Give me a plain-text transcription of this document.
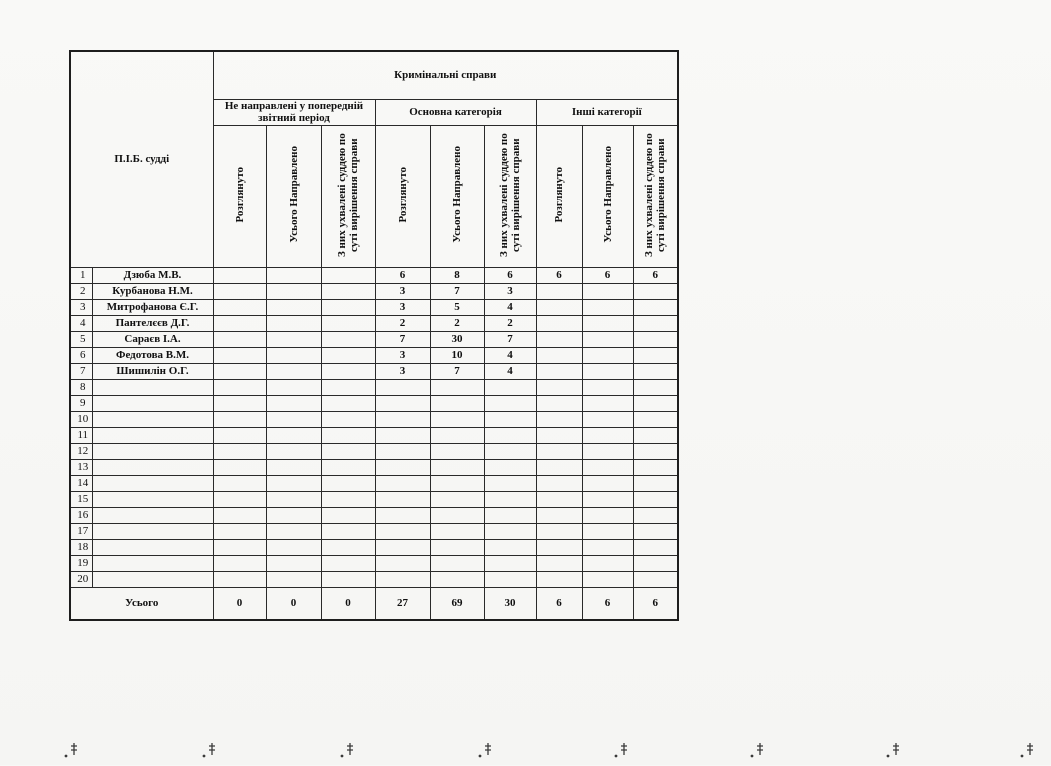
П.І.Б. судді		Кримінальні справи								
		Не направлені у попередній звітний період			Основна категорія			Інші категорії		
		Розглянуто	Усього Направлено	З них ухвалені суддею по суті вирішення справи	Розглянуто	Усього Направлено	З них ухвалені суддею по суті вирішення справи	Розглянуто	Усього Направлено	З них ухвалені суддею по суті вирішення справи
1	Дзюба М.В.				6	8	6	6	6	6
2	Курбанова Н.М.				3	7	3			
3	Митрофанова Є.Г.				3	5	4			
4	Пантелєєв Д.Г.				2	2	2			
5	Сараєв І.А.				7	30	7			
6	Федотова В.М.				3	10	4			
7	Шишилін О.Г.				3	7	4			
8										
9										
10										
11										
12										
13										
14										
15										
16										
17										
18										
19										
20										
Усього		0	0	0	27	69	30	6	6	6
